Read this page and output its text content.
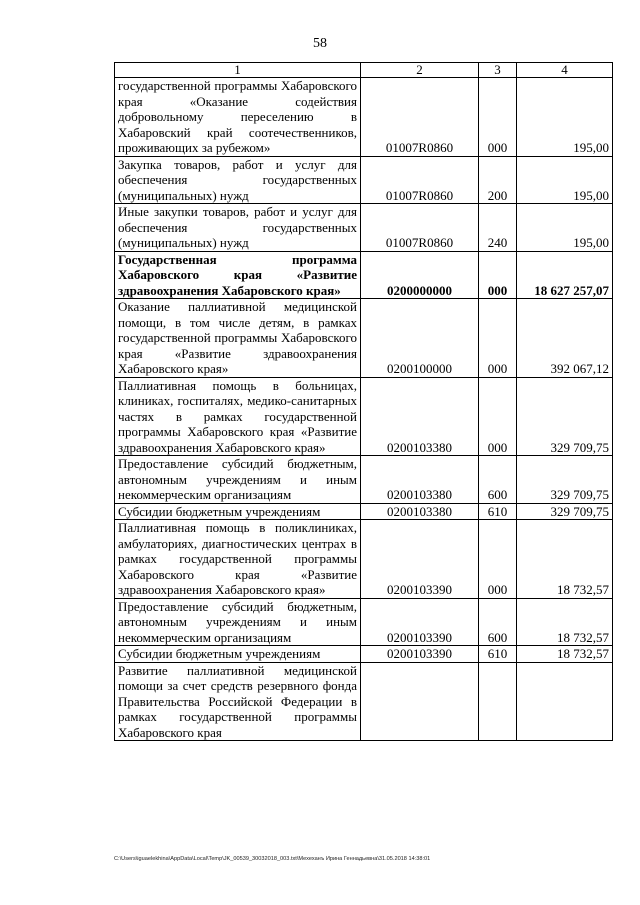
58
1	2	3	4
государственной программы Хабаровского края «Оказание содействия добровольному переселению в Хабаровский край соотечественников, проживающих за рубежом»	01007R0860	000	195,00
Закупка товаров, работ и услуг для обеспечения государственных (муниципальных) нужд	01007R0860	200	195,00
Иные закупки товаров, работ и услуг для обеспечения государственных (муниципальных) нужд	01007R0860	240	195,00
Государственная программа Хабаровского края «Развитие здравоохранения Хабаровского края»	0200000000	000	18 627 257,07
Оказание паллиативной медицинской помощи, в том числе детям, в рамках государственной программы Хабаровского края «Развитие здравоохранения Хабаровского края»	0200100000	000	392 067,12
Паллиативная помощь в больницах, клиниках, госпиталях, медико-санитарных частях в рамках государственной программы Хабаровского края «Развитие здравоохранения Хабаровского края»	0200103380	000	329 709,75
Предоставление субсидий бюджетным, автономным учреждениям и иным некоммерческим организациям	0200103380	600	329 709,75
Субсидии бюджетным учреждениям	0200103380	610	329 709,75
Паллиативная помощь в поликлиниках, амбулаториях, диагностических центрах в рамках государственной программы Хабаровского края «Развитие здравоохранения Хабаровского края»	0200103390	000	18 732,57
Предоставление субсидий бюджетным, автономным учреждениям и иным некоммерческим организациям	0200103390	600	18 732,57
Субсидии бюджетным учреждениям	0200103390	610	18 732,57
Развитие паллиативной медицинской помощи за счет средств резервного фонда Правительства Российской Федерации в рамках государственной программы Хабаровского края			
C:\Users\iguaelekhina\AppData\Local\Temp\JK_00539_30032018_003.txt\Мехеханъ Ирина Геннадьевна\31.05.2018 14:38:01
